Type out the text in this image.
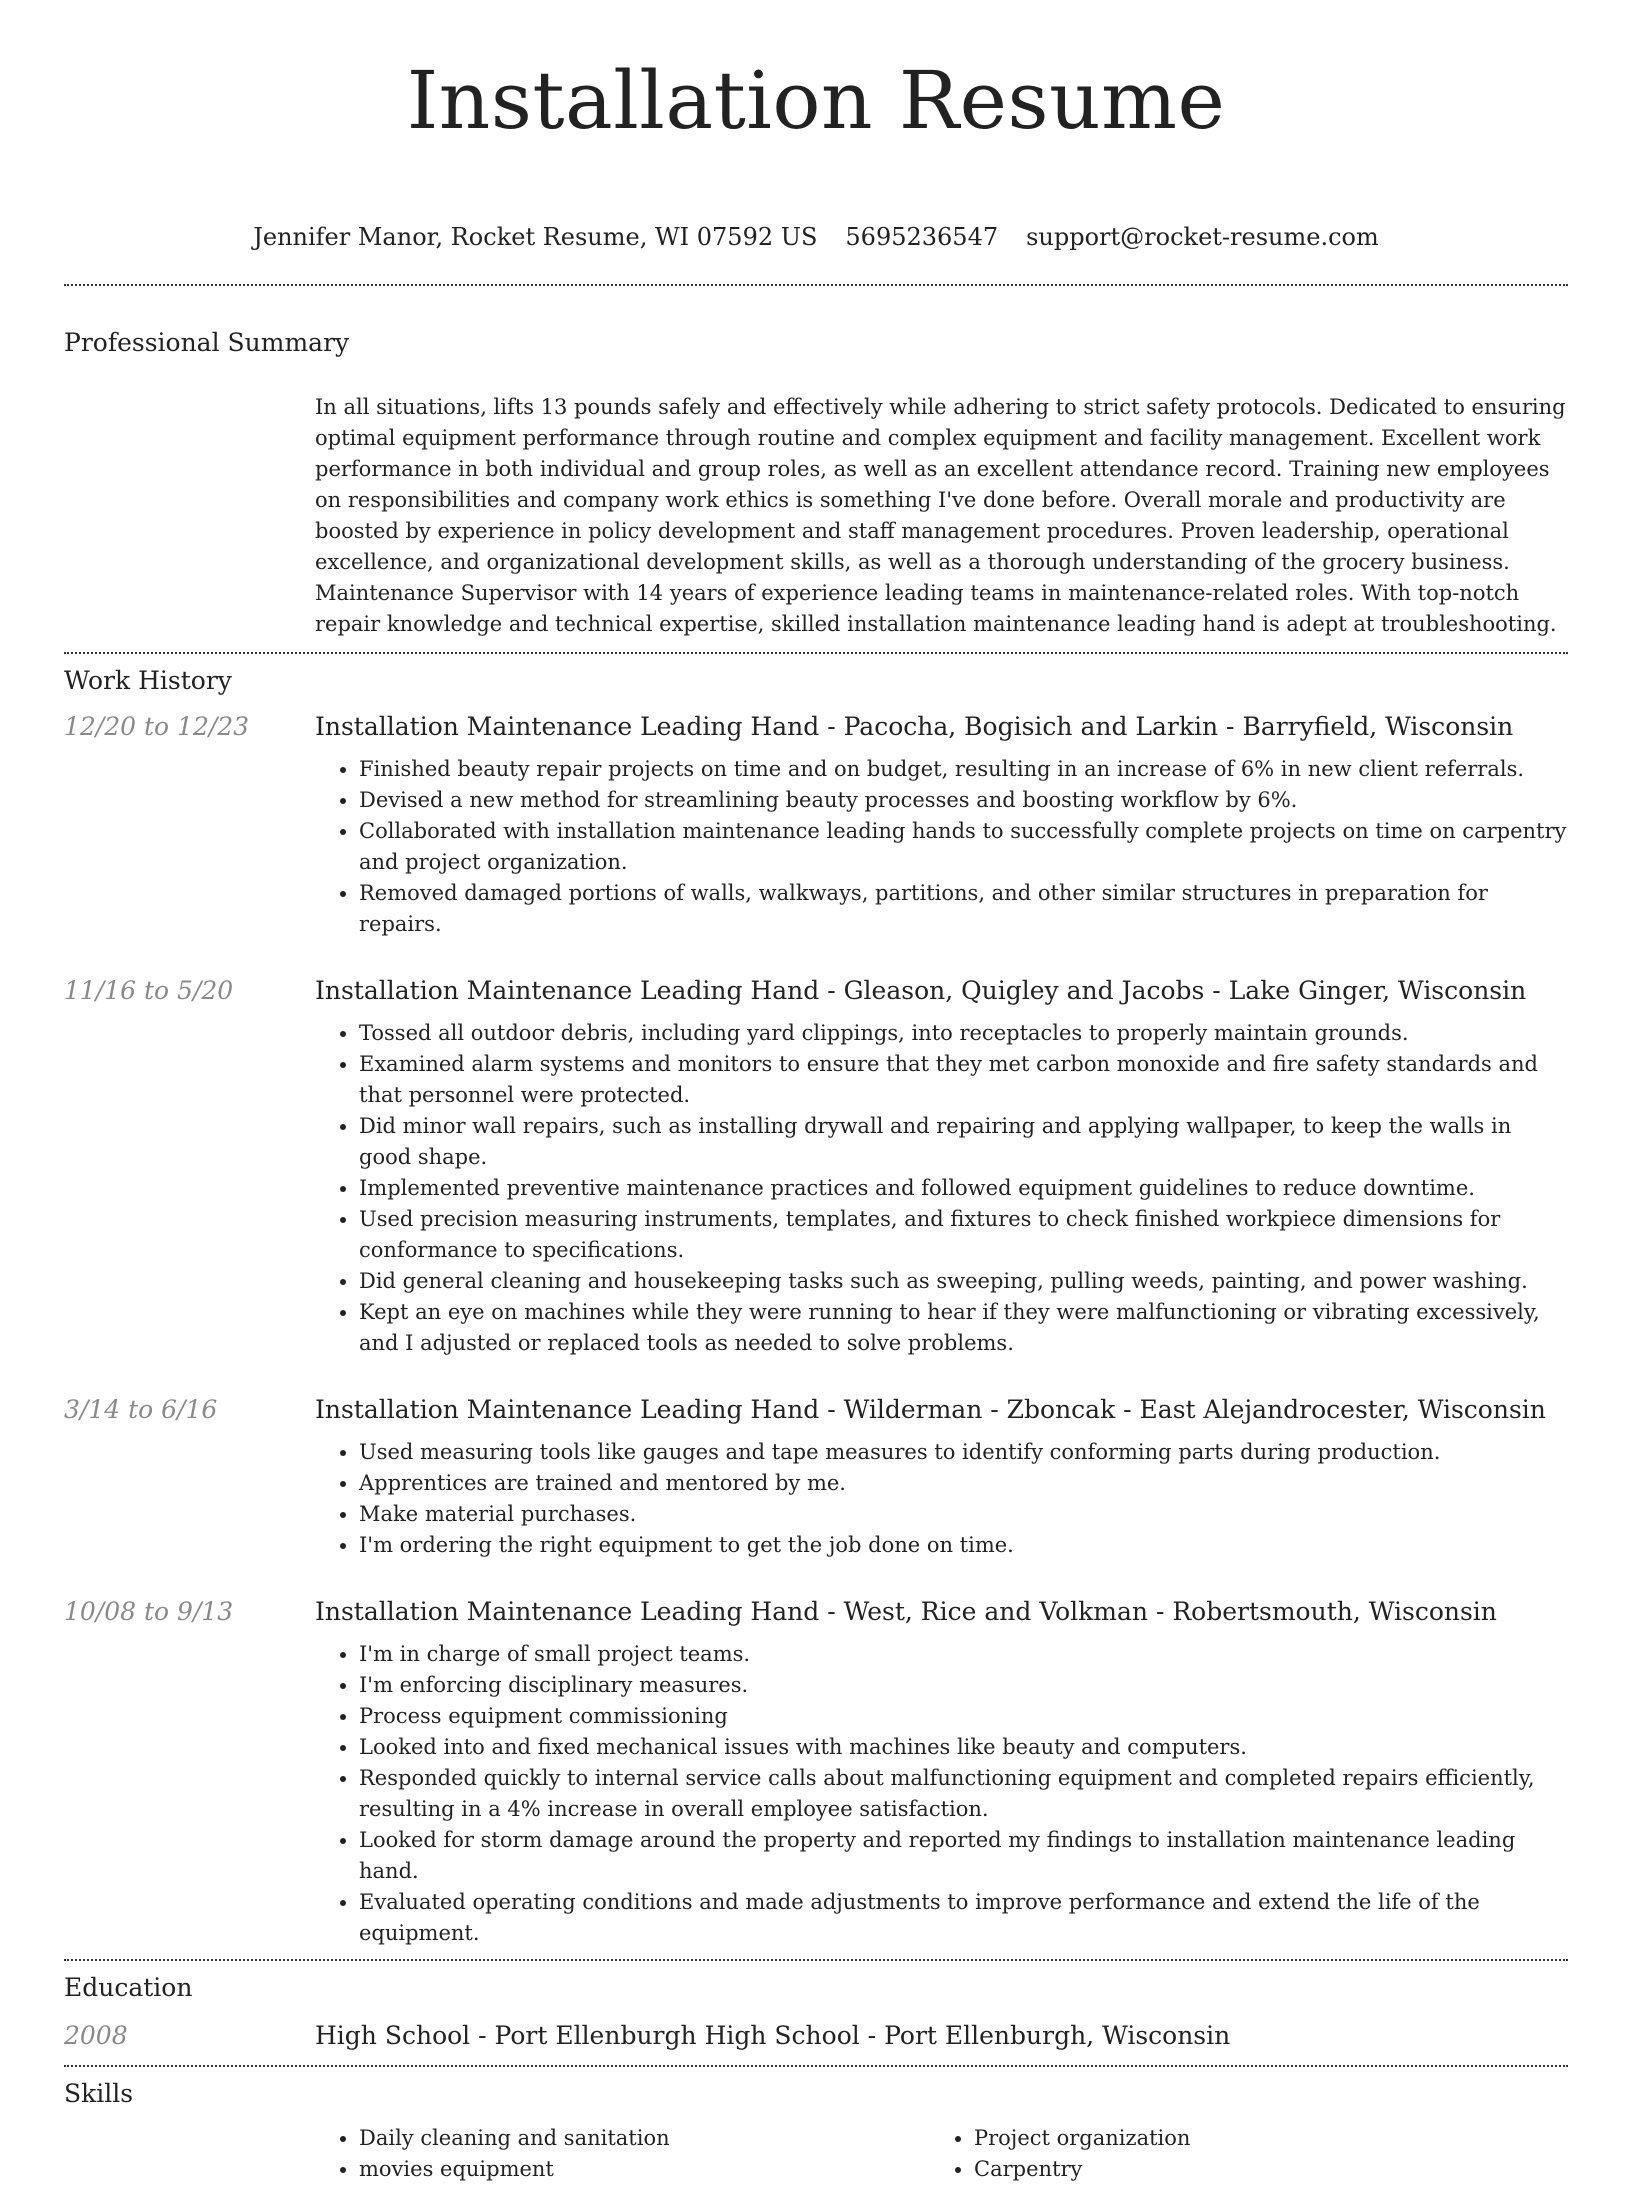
Installation Resume
Jennifer Manor, Rocket Resume, WI 07592 US 5695236547 support@rocket-resume.com
Professional Summary
In all situations, lifts 13 pounds safely and effectively while adhering to strict safety protocols. Dedicated to ensuring optimal equipment performance through routine and complex equipment and facility management. Excellent work performance in both individual and group roles, as well as an excellent attendance record. Training new employees on responsibilities and company work ethics is something I've done before. Overall morale and productivity are boosted by experience in policy development and staff management procedures. Proven leadership, operational excellence, and organizational development skills, as well as a thorough understanding of the grocery business. Maintenance Supervisor with 14 years of experience leading teams in maintenance-related roles. With top-notch repair knowledge and technical expertise, skilled installation maintenance leading hand is adept at troubleshooting.
Work History
12/20 to 12/23	Installation Maintenance Leading Hand - Pacocha, Bogisich and Larkin - Barryfield, Wisconsin
• Finished beauty repair projects on time and on budget, resulting in an increase of 6% in new client referrals.
• Devised a new method for streamlining beauty processes and boosting workflow by 6%.
• Collaborated with installation maintenance leading hands to successfully complete projects on time on carpentry and project organization.
• Removed damaged portions of walls, walkways, partitions, and other similar structures in preparation for repairs.
11/16 to 5/20	Installation Maintenance Leading Hand - Gleason, Quigley and Jacobs - Lake Ginger, Wisconsin
• Tossed all outdoor debris, including yard clippings, into receptacles to properly maintain grounds.
• Examined alarm systems and monitors to ensure that they met carbon monoxide and fire safety standards and that personnel were protected.
• Did minor wall repairs, such as installing drywall and repairing and applying wallpaper, to keep the walls in good shape.
• Implemented preventive maintenance practices and followed equipment guidelines to reduce downtime.
• Used precision measuring instruments, templates, and fixtures to check finished workpiece dimensions for conformance to specifications.
• Did general cleaning and housekeeping tasks such as sweeping, pulling weeds, painting, and power washing.
• Kept an eye on machines while they were running to hear if they were malfunctioning or vibrating excessively, and I adjusted or replaced tools as needed to solve problems.
3/14 to 6/16	Installation Maintenance Leading Hand - Wilderman - Zboncak - East Alejandrocester, Wisconsin
• Used measuring tools like gauges and tape measures to identify conforming parts during production.
• Apprentices are trained and mentored by me.
• Make material purchases.
• I'm ordering the right equipment to get the job done on time.
10/08 to 9/13	Installation Maintenance Leading Hand - West, Rice and Volkman - Robertsmouth, Wisconsin
• I'm in charge of small project teams.
• I'm enforcing disciplinary measures.
• Process equipment commissioning
• Looked into and fixed mechanical issues with machines like beauty and computers.
• Responded quickly to internal service calls about malfunctioning equipment and completed repairs efficiently, resulting in a 4% increase in overall employee satisfaction.
• Looked for storm damage around the property and reported my findings to installation maintenance leading hand.
• Evaluated operating conditions and made adjustments to improve performance and extend the life of the equipment.
Education
2008	High School - Port Ellenburgh High School - Port Ellenburgh, Wisconsin
Skills
• Daily cleaning and sanitation
• movies equipment
• Project organization
• Carpentry
